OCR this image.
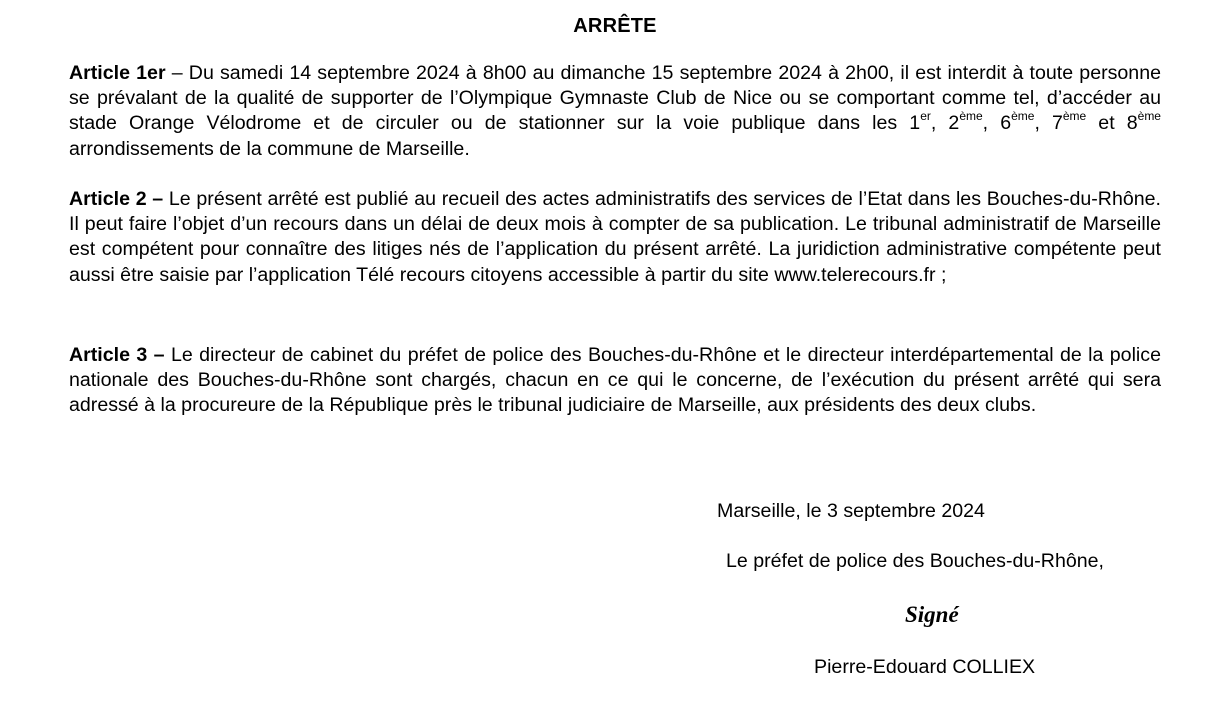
ARRÊTE

Article 1er – Du samedi 14 septembre 2024 à 8h00 au dimanche 15 septembre 2024 à 2h00, il est interdit à toute personne se prévalant de la qualité de supporter de l’Olympique Gymnaste Club de Nice ou se comportant comme tel, d’accéder au stade Orange Vélodrome et de circuler ou de stationner sur la voie publique dans les 1er, 2ème, 6ème, 7ème et 8ème arrondissements de la commune de Marseille.

Article 2 – Le présent arrêté est publié au recueil des actes administratifs des services de l’Etat dans les Bouches-du-Rhône. Il peut faire l’objet d’un recours dans un délai de deux mois à compter de sa publication. Le tribunal administratif de Marseille est compétent pour connaître des litiges nés de l’application du présent arrêté. La juridiction administrative compétente peut aussi être saisie par l’application Télé recours citoyens accessible à partir du site www.telerecours.fr ;

Article 3 – Le directeur de cabinet du préfet de police des Bouches-du-Rhône et le directeur interdépartemental de la police nationale des Bouches-du-Rhône sont chargés, chacun en ce qui le concerne, de l’exécution du présent arrêté qui sera adressé à la procureure de la République près le tribunal judiciaire de Marseille, aux présidents des deux clubs.

Marseille, le 3 septembre 2024
Le préfet de police des Bouches-du-Rhône,
Signé
Pierre-Edouard COLLIEX
